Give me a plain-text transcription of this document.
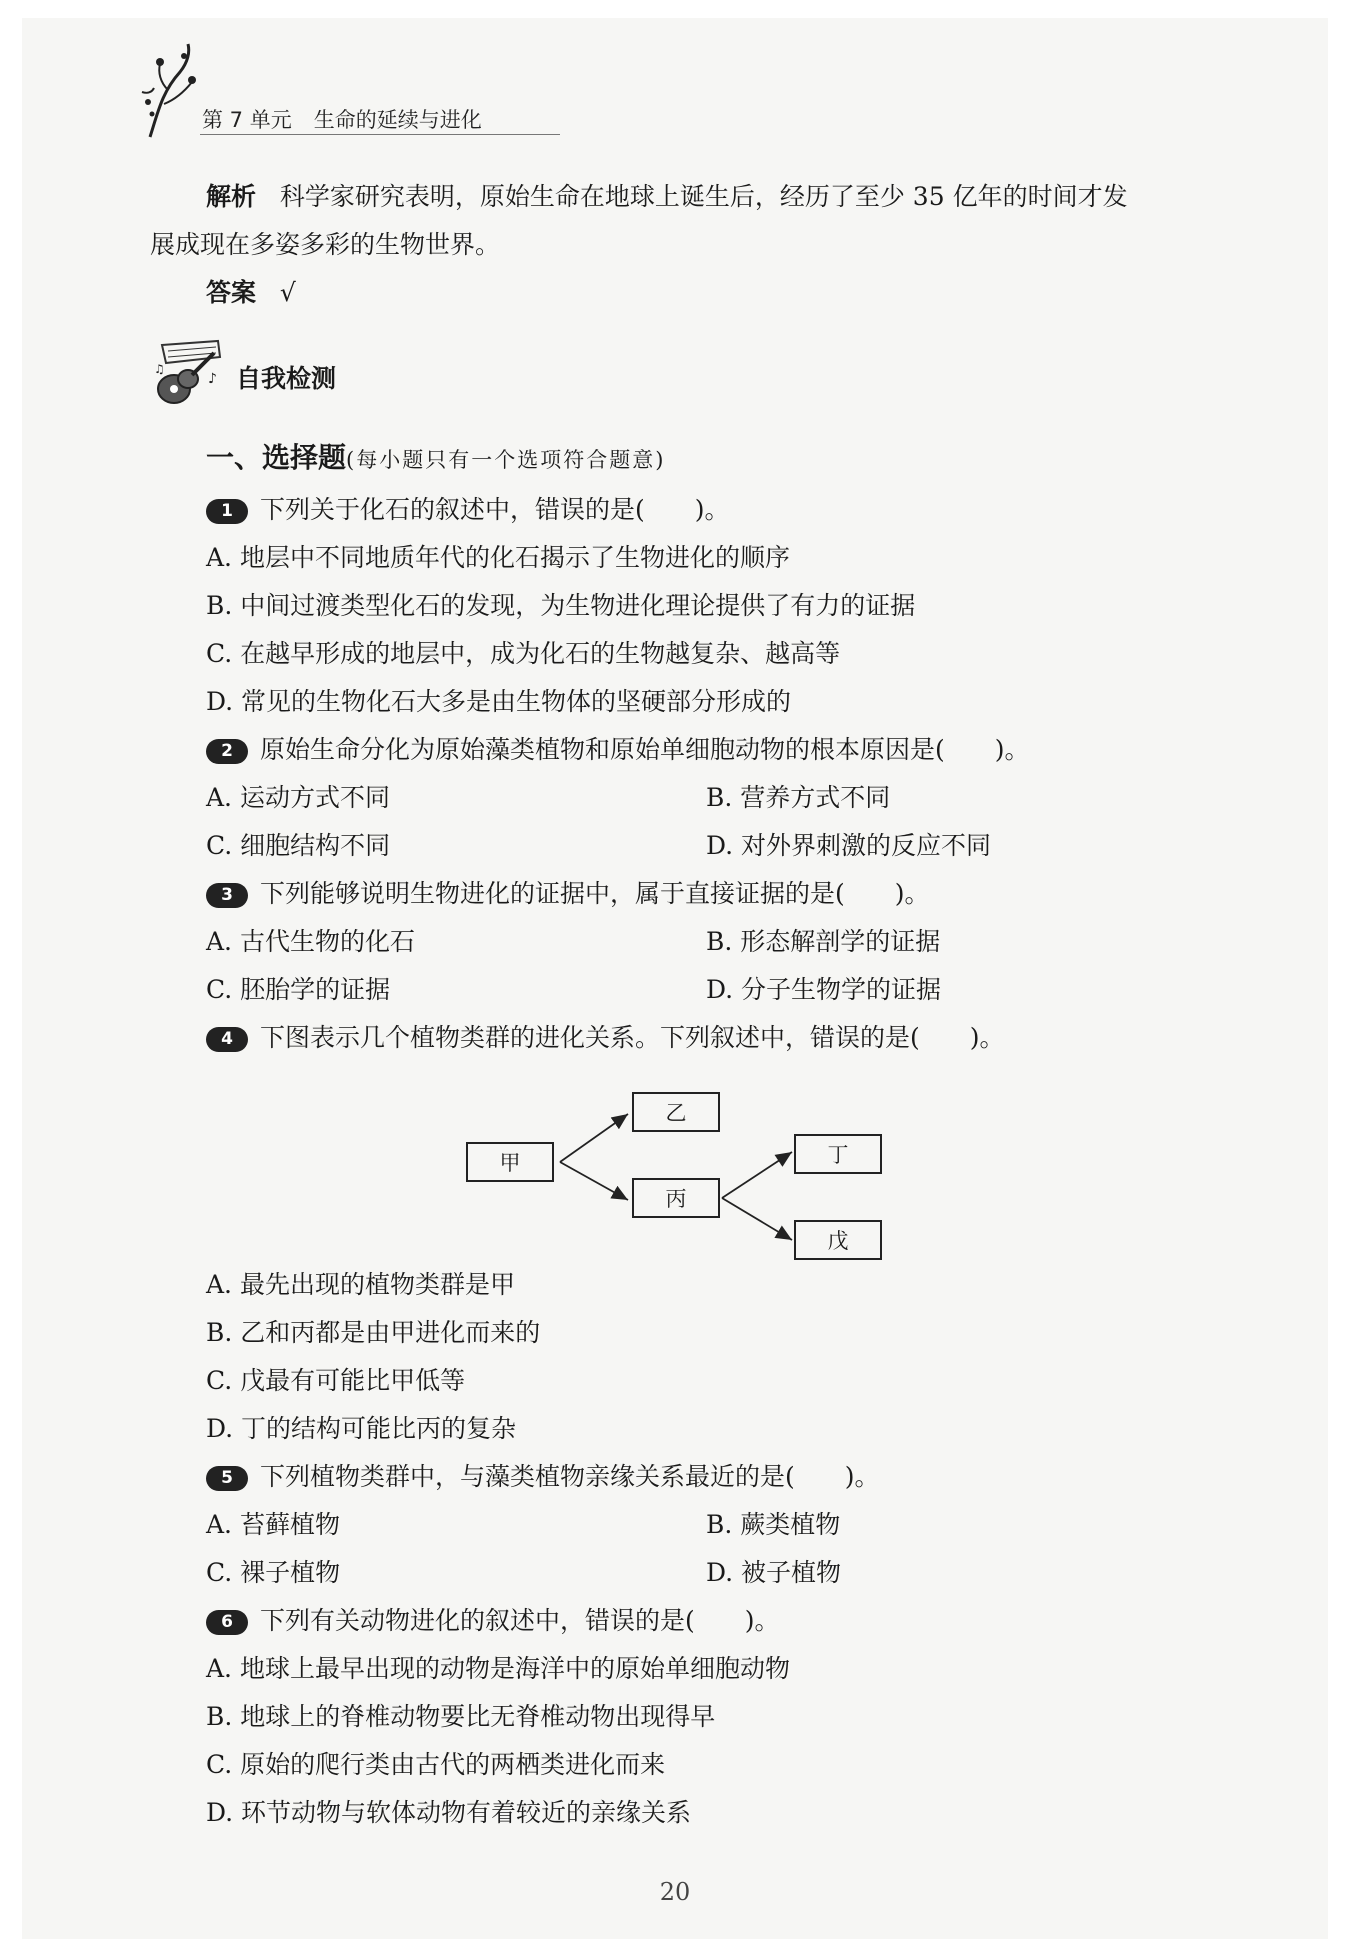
第 7 单元 生命的延续与进化
解析 科学家研究表明，原始生命在地球上诞生后，经历了至少 35 亿年的时间才发
展成现在多姿多彩的生物世界。
答案 √
♪
♫	自我检测
一、选择题(每小题只有一个选项符合题意)
1 下列关于化石的叙述中，错误的是( )。
A. 地层中不同地质年代的化石揭示了生物进化的顺序
B. 中间过渡类型化石的发现，为生物进化理论提供了有力的证据
C. 在越早形成的地层中，成为化石的生物越复杂、越高等
D. 常见的生物化石大多是由生物体的坚硬部分形成的
2 原始生命分化为原始藻类植物和原始单细胞动物的根本原因是( )。
A. 运动方式不同	B. 营养方式不同
C. 细胞结构不同	D. 对外界刺激的反应不同
3 下列能够说明生物进化的证据中，属于直接证据的是( )。
A. 古代生物的化石	B. 形态解剖学的证据
C. 胚胎学的证据	D. 分子生物学的证据
4 下图表示几个植物类群的进化关系。下列叙述中，错误的是( )。
甲
乙
丙
丁
戊
A. 最先出现的植物类群是甲
B. 乙和丙都是由甲进化而来的
C. 戊最有可能比甲低等
D. 丁的结构可能比丙的复杂
5 下列植物类群中，与藻类植物亲缘关系最近的是( )。
A. 苔藓植物	B. 蕨类植物
C. 裸子植物	D. 被子植物
6 下列有关动物进化的叙述中，错误的是( )。
A. 地球上最早出现的动物是海洋中的原始单细胞动物
B. 地球上的脊椎动物要比无脊椎动物出现得早
C. 原始的爬行类由古代的两栖类进化而来
D. 环节动物与软体动物有着较近的亲缘关系
20
